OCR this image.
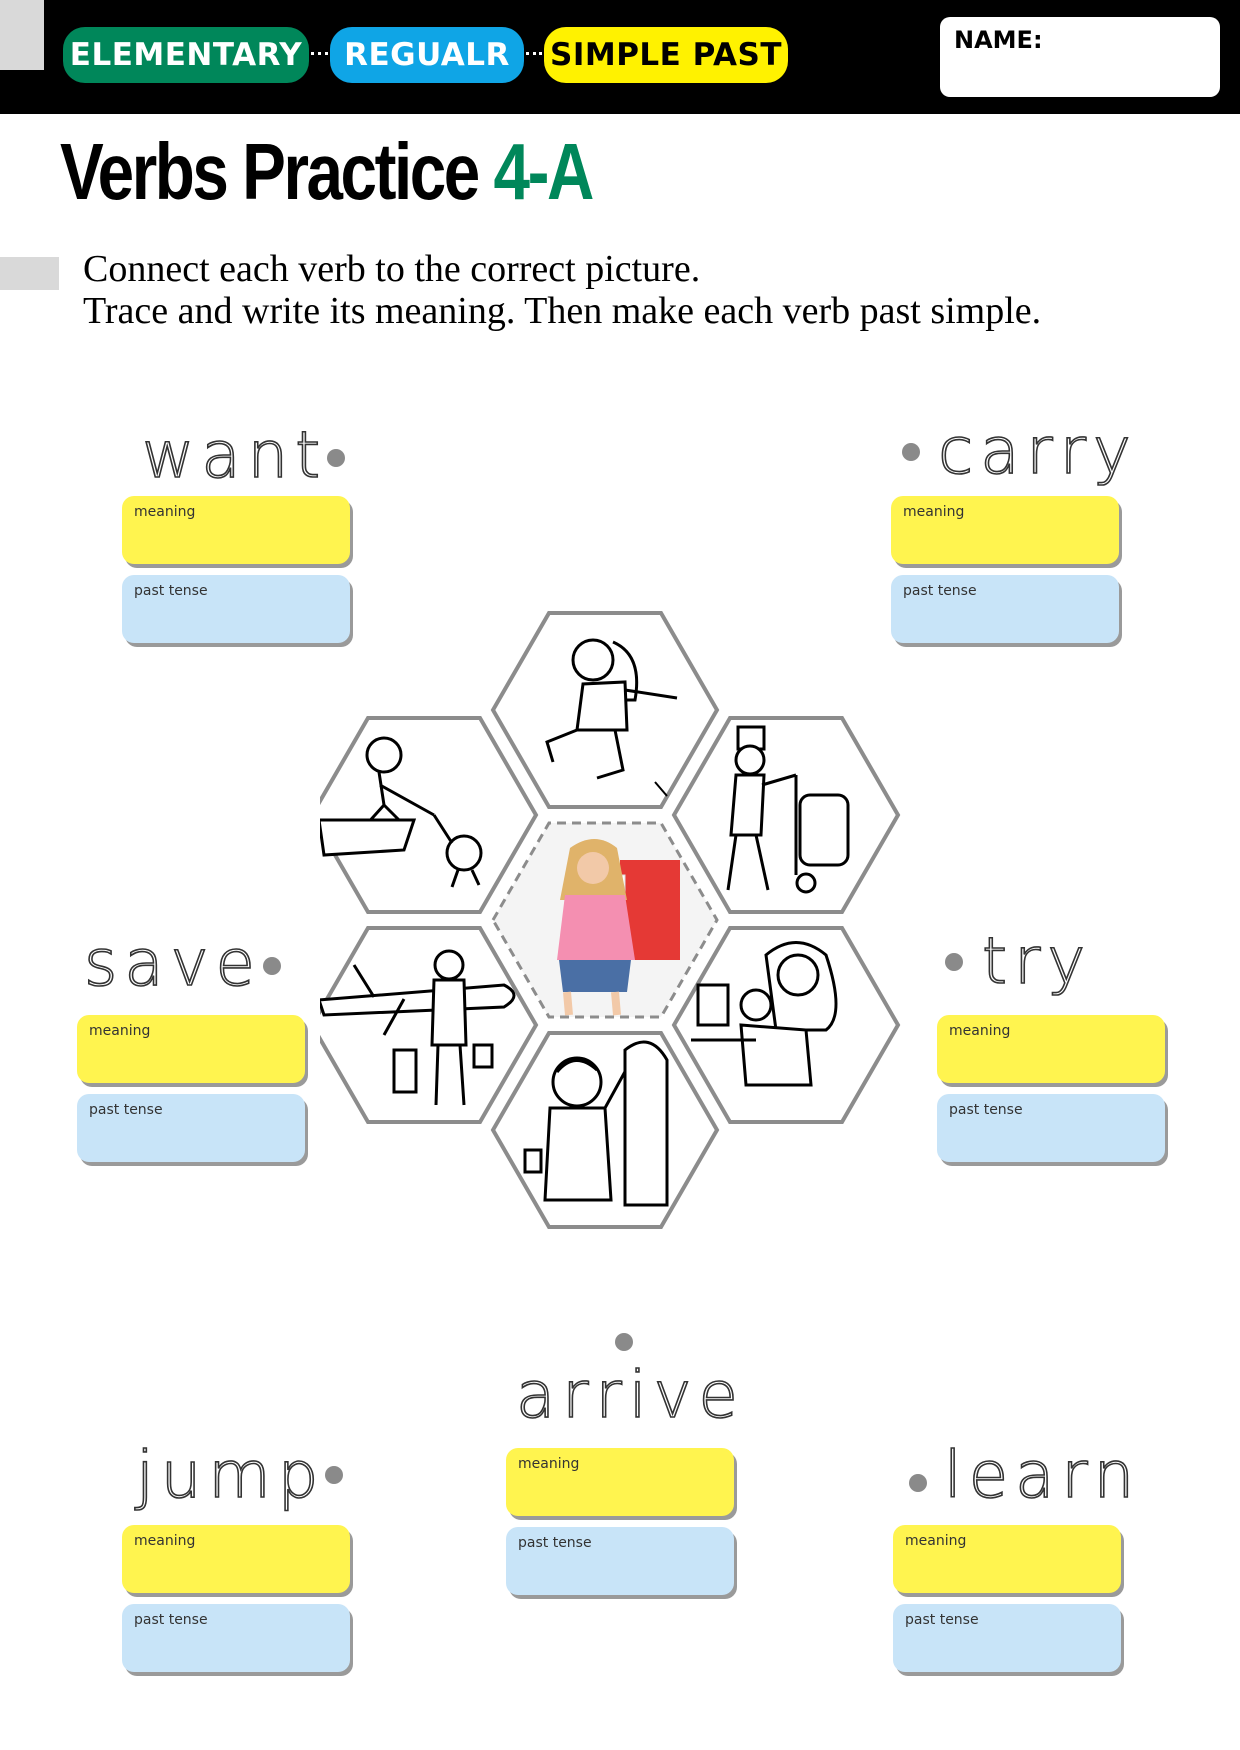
ELEMENTARY	REGUALR	SIMPLE PAST	NAME:
Verbs Practice 4-A
Connect each verb to the correct picture.
Trace and write its meaning. Then make each verb past simple.
want
meaning
past tense
carry
meaning
past tense
save
meaning
past tense
try
meaning
past tense
arrive
meaning
past tense
jump
meaning
past tense
learn
meaning
past tense
